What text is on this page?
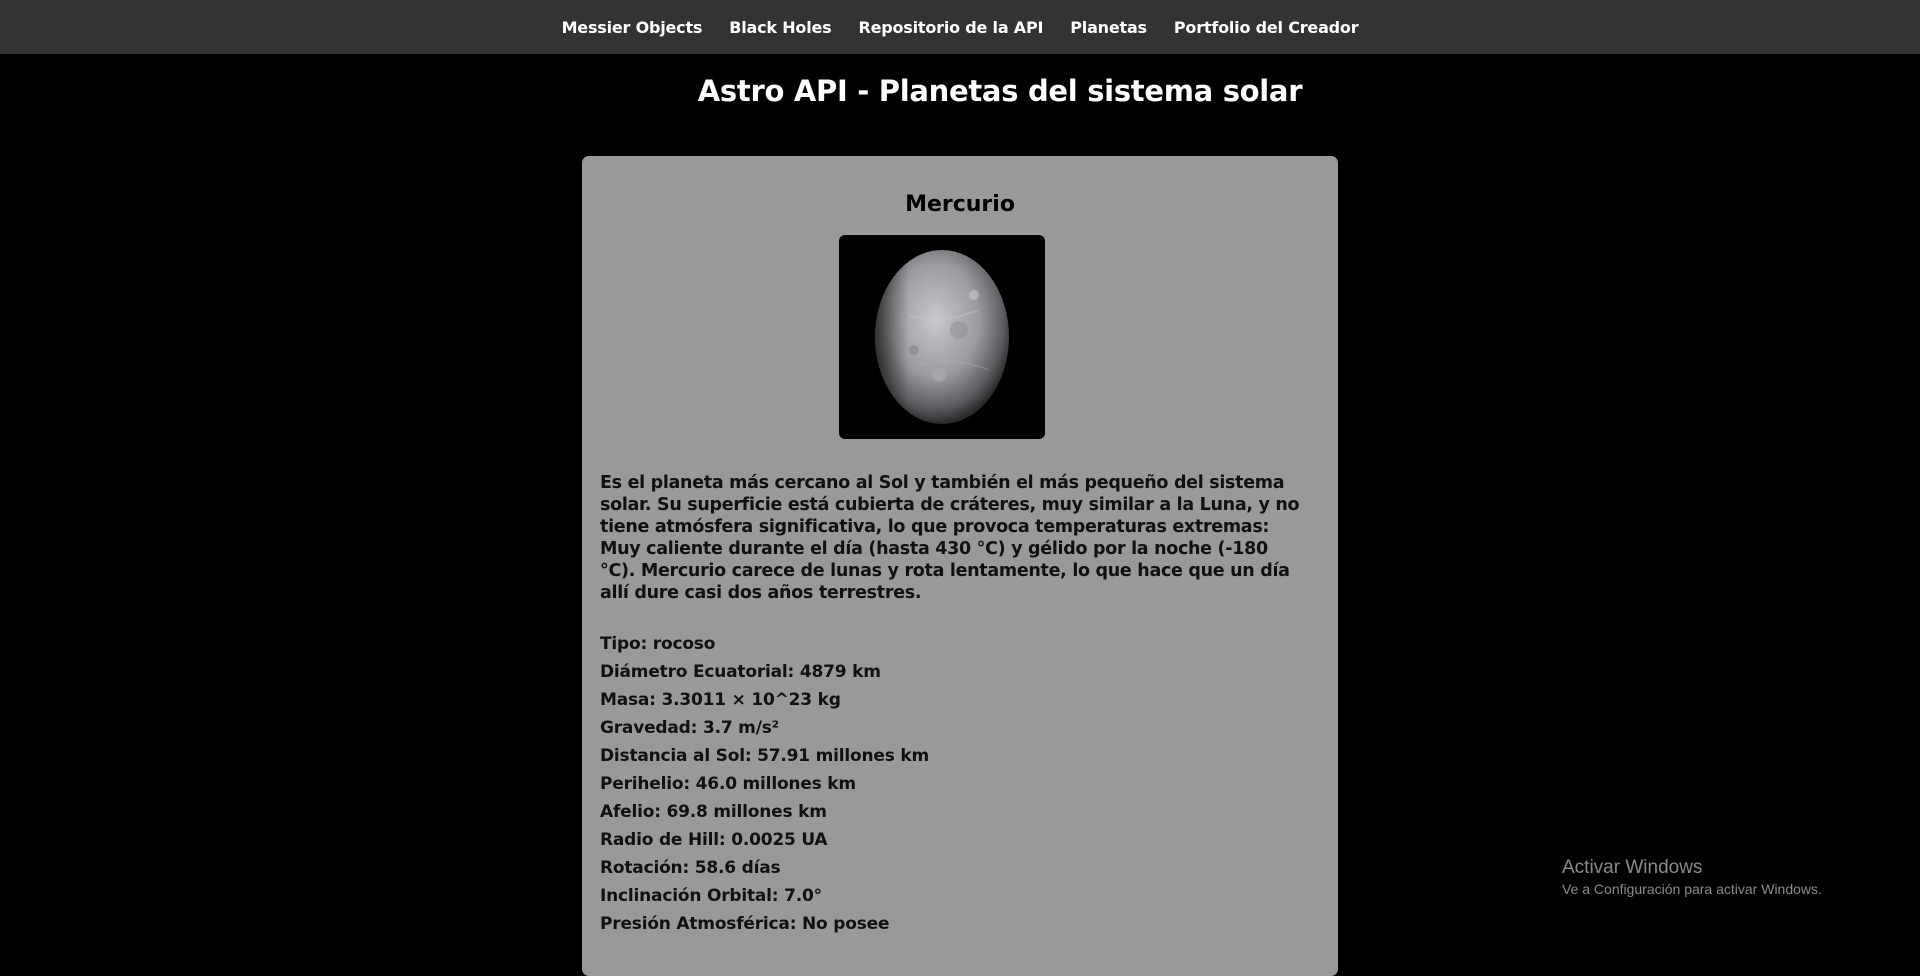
Messier Objects Black Holes Repositorio de la API Planetas Portfolio del Creador
Astro API - Planetas del sistema solar
Mercurio

Es el planeta más cercano al Sol y también el más pequeño del sistema solar. Su superficie está cubierta de cráteres, muy similar a la Luna, y no tiene atmósfera significativa, lo que provoca temperaturas extremas: Muy caliente durante el día (hasta 430 °C) y gélido por la noche (-180 °C). Mercurio carece de lunas y rota lentamente, lo que hace que un día allí dure casi dos años terrestres.

Tipo: rocoso
Diámetro Ecuatorial: 4879 km
Masa: 3.3011 × 10^23 kg
Gravedad: 3.7 m/s²
Distancia al Sol: 57.91 millones km
Perihelio: 46.0 millones km
Afelio: 69.8 millones km
Radio de Hill: 0.0025 UA
Rotación: 58.6 días
Inclinación Orbital: 7.0°
Presión Atmosférica: No posee
Activar Windows
Ve a Configuración para activar Windows.
